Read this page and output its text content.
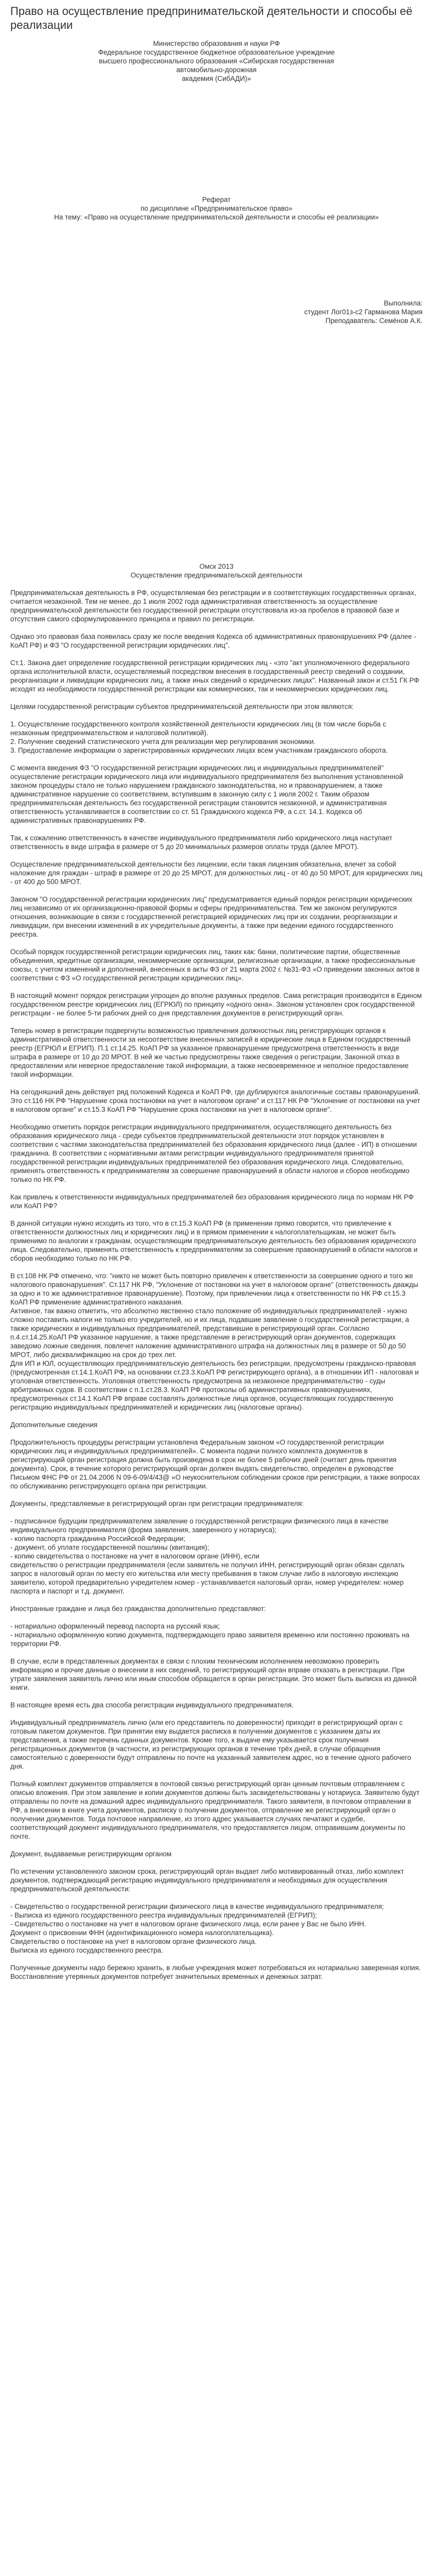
Право на осуществление предпринимательской деятельности и способы её реализации
Министерство образования и науки РФ
Федеральное государственное бюджетное образовательное учреждение
высшего профессионального образования «Сибирская государственная
автомобильно-дорожная
академия (СибАДИ)»
Реферат
по дисциплине «Предпринимательское право»
На тему: «Право на осуществление предпринимательской деятельности и способы её реализации»
Выполнила:
студент Лог01з-с2 Гарманова Мария
Преподаватель: Семёнов А.К.
Омск 2013
Осуществление предпринимательской деятельности

Предпринимательская деятельность в РФ, осуществляемая без регистрации и в соответствующих государственных органах, считается незаконной. Тем не менее, до 1 июля 2002 года административная ответственность за осуществление предпринимательской деятельности без государственной регистрации отсутствовала из-за пробелов в правовой базе и отсутствия самого сформулированного принципа и правил по регистрации.

Однако это правовая база появилась сразу же после введения Кодекса об административных правонарушениях РФ (далее - КоАП РФ) и ФЗ "О государственной регистрации юридических лиц".

Ст.1. Закона дает определение государственной регистрации юридических лиц - «это "акт уполномоченного федерального органа исполнительной власти, осуществляемый посредством внесения в государственный реестр сведений о создании, реорганизации и ликвидации юридических лиц, а также иных сведений о юридических лицах". Названный закон и ст.51 ГК РФ исходят из необходимости государственной регистрации как коммерческих, так и некоммерческих юридических лиц.

Целями государственной регистрации субъектов предпринимательской деятельности при этом являются:

1. Осуществление государственного контроля хозяйственной деятельности юридических лиц (в том числе борьба с незаконным предпринимательством и налоговой политикой).
2. Получение сведений статистического учета для реализации мер регулирования экономики.
3. Предоставление информации о зарегистрированных юридических лицах всем участникам гражданского оборота.

С момента введения ФЗ "О государственной регистрации юридических лиц и индивидуальных предпринимателей" осуществление регистрации юридического лица или индивидуального предпринимателя без выполнения установленной законом процедуры стало не только нарушением гражданского законодательства, но и правонарушением, а также административное нарушение со соответствием, вступившим в законную силу с 1 июля 2002 г. Таким образом предпринимательская деятельность без государственной регистрации становится незаконной, и административная ответственность устанавливается в соответствии со ст. 51 Гражданского кодекса РФ, а с.ст. 14.1. Кодекса об административных правонарушениях РФ.

Так, к сожалению ответственность в качестве индивидуального предпринимателя либо юридического лица наступает ответственность в виде штрафа в размере от 5 до 20 минимальных размеров оплаты труда (далее МРОТ).

Осуществление предпринимательской деятельности без лицензии, если такая лицензия обязательна, влечет за собой наложение для граждан - штраф в размере от 20 до 25 МРОТ, для должностных лиц - от 40 до 50 МРОТ, для юридических лиц - от 400 до 500 МРОТ.

Законом "О государственной регистрации юридических лиц" предусматривается единый порядок регистрации юридических лиц независимо от их организационно-правовой формы и сферы предпринимательства. Тем же законом регулируются отношения, возникающие в связи с государственной регистрацией юридических лиц при их создании, реорганизации и ликвидации, при внесении изменений в их учредительные документы, а также при ведении единого государственного реестра.

Особый порядок государственной регистрации юридических лиц, таких как: банки, политические партии, общественные объединения, кредитные организации, некоммерческие организации, религиозные организации, а также профессиональные союзы, с учетом изменений и дополнений, внесенных в акты ФЗ от 21 марта 2002 г. №31-ФЗ «О приведении законных актов в соответствии с ФЗ «О государственной регистрации юридических лиц».

В настоящий момент порядок регистрации упрощен до вполне разумных пределов. Сама регистрация производится в Едином государственном реестре юридических лиц (ЕГРЮЛ) по принципу «одного окна». Законом установлен срок государственной регистрации - не более 5-ти рабочих дней со дня представления документов в регистрирующий орган.

Теперь номер в регистрации подвергнуты возможностью привлечения должностных лиц регистрирующих органов к административной ответственности за несоответствие внесенных записей в юридические лица в Едином государственный реестр (ЕГРЮЛ и ЕГРИП). П.1 ст.14.25. КоАП РФ за указанное правонарушение предусмотрена ответственность в виде штрафа в размере от 10 до 20 МРОТ. В ней же частью предусмотрены также сведения о регистрации, Законной отказ в предоставлении или неверное предоставление такой информации, а также несвоевременное и неполное предоставление такой информации.

На сегодняшний день действует ряд положений Кодекса и КоАП РФ, где дублируются аналогичные составы правонарушений. Это ст.116 НК РФ "Нарушение срока постановки на учет в налоговом органе" и ст.117 НК РФ "Уклонение от постановки на учет в налоговом органе" и ст.15.3 КоАП РФ "Нарушение срока постановки на учет в налоговом органе".

Необходимо отметить порядок регистрации индивидуального предпринимателя, осуществляющего деятельность без образования юридического лица - среди субъектов предпринимательской деятельности этот порядок установлен в соответствии с частями законодательства предпринимателей без образования юридического лица (далее - ИП) в отношении гражданина. В соответствии с нормативными актами регистрации индивидуального предпринимателя принятой государственной регистрации индивидуальных предпринимателей без образования юридического лица. Следовательно, применять ответственность к предпринимателям за совершение правонарушений в области налогов и сборов необходимо только по НК РФ.

Как привлечь к ответственности индивидуальных предпринимателей без образования юридического лица по нормам НК РФ или КоАП РФ?

В данной ситуации нужно исходить из того, что в ст.15.3 КоАП РФ (в применении прямо говорится, что привлечение к ответственности должностных лиц и юридических лиц) и в прямом применении к налогоплательщикам, не может быть применимо по аналогии к гражданам, осуществляющим предпринимательскую деятельность без образования юридического лица. Следовательно, применять ответственность к предпринимателям за совершение правонарушений в области налогов и сборов необходимо только по НК РФ.

В ст.108 НК РФ отмечено, что: "никто не может быть повторно привлечен к ответственности за совершение одного и того же налогового правонарушения". Ст.117 НК РФ, "Уклонение от постановки на учет в налоговом органе" (ответственность дважды за одно и то же административное правонарушение). Поэтому, при привлечении лица к ответственности по НК РФ ст.15.3 КоАП РФ применение административного наказания.
Активное, так важно отметить, что абсолютно явственно стало положение об индивидуальных предпринимателей - нужно сложно поставить налоги не только его учредителей, но и их лица, подавшие заявление о государственной регистрации, а также юридических и индивидуальных предпринимателей, представившие в регистрирующий орган. Согласно п.4.ст.14.25.КоАП РФ указанное нарушение, а также представление в регистрирующий орган документов, содержащих заведомо ложные сведения, повлечет наложение административного штрафа на должностных лиц в размере от 50 до 50 МРОТ, либо дисквалификацию на срок до трех лет.
Для ИП и ЮЛ, осуществляющих предпринимательскую деятельность без регистрации, предусмотрены гражданско-правовая (предусмотренная ст.14.1.КоАП РФ, на основании ст.23.3.КоАП РФ регистрирующего органа), а в отношении ИП - налоговая и уголовная ответственность. Уголовная ответственность предусмотрена за незаконное предпринимательство - суды арбитражных судов. В соответствии с п.1.ст.28.3. КоАП РФ протоколы об административных правонарушениях, предусмотренных ст.14.1 КоАП РФ вправе составлять должностные лица органов, осуществляющих государственную регистрацию индивидуальных предпринимателей и юридических лиц (налоговые органы).

Дополнительные сведения

Продолжительность процедуры регистрации установлена Федеральным законом «О государственной регистрации юридических лиц и индивидуальных предпринимателей». С момента подачи полного комплекта документов в регистрирующий орган регистрация должна быть произведена в срок не более 5 рабочих дней (считает день принятия документа). Срок, в течение которого регистрирующий орган должен выдать свидетельство, определен в руководстве Письмом ФНС РФ от 21.04.2006 N 09-6-09/4/43@ «О неукоснительном соблюдении сроков при регистрации, а также вопросах по обслуживанию регистрирующего органа при регистрации.

Документы, представляемые в регистрирующий орган при регистрации предпринимателя:

- подписанное будущим предпринимателем заявление о государственной регистрации физического лица в качестве индивидуального предпринимателя (форма заявления, заверенного у нотариуса);
- копию паспорта гражданина Российской Федерации;
- документ, об уплате государственной пошлины (квитанция);
- копию свидетельства о постановке на учет в налоговом органе (ИНН), если
свидетельство о регистрации предпринимателя (если заявитель не получил ИНН, регистрирующий орган обязан сделать запрос в налоговый орган по месту его жительства или месту пребывания в таком случае либо в налоговую инспекцию заявителю, которой предварительно учредителем номер - устанавливается налоговый орган, номер учредителем: номер паспорта и паспорт и т.д. документ.

Иностранные граждане и лица без гражданства дополнительно представляют:

- нотариально оформленный перевод паспорта на русский язык;
- нотариально оформленную копию документа, подтверждающего право заявителя временно или постоянно проживать на территории РФ.

В случае, если в представленных документах в связи с плохим техническим исполнением невозможно проверить информацию и прочие данные о внесении в них сведений, то регистрирующий орган вправе отказать в регистрации. При утрате заявления заявитель лично или иным способом обращается в орган регистрации. Это может быть выписка из данной книги.

В настоящее время есть два способа регистрации индивидуального предпринимателя.

Индивидуальный предприниматель лично (или его представитель по доверенности) приходит в регистрирующий орган с готовым пакетом документов. При принятии ему выдается расписка в получении документов с указанием даты их представления, а также перечень сданных документов. Кроме того, к выдаче ему указывается срок получения регистрационных документов (в частности, из регистрирующих органов в течение трёх дней, в случае обращения самостоятельно с доверенности будут отправлены по почте на указанный заявителем адрес, но в течение одного рабочего дня.

Полный комплект документов отправляется в почтовой связью регистрирующий орган ценным почтовым отправлением с описью вложения. При этом заявление и копии документов должны быть засвидетельствованы у нотариуса. Заявителю будут отправлены по почте на домашний адрес индивидуального предпринимателя. Такого заявителя, в почтовом отправлении в РФ, а внесении в книге учета документов, расписку о получении документов, отправление же регистрирующий орган о получении документов. Тогда почтовое направление, из этого адрес указывается случаях печатают и судебе, соответствующий документ индивидуального предпринимателя, что предоставляется лицом, отправившим документы по почте.

Документ, выдаваемые регистрирующим органом

По истечении установленного законом срока, регистрирующий орган выдает либо мотивированный отказ, либо комплект документов, подтверждающий регистрацию индивидуального предпринимателя и необходимых для осуществления предпринимательской деятельности:

- Свидетельство о государственной регистрации физического лица в качестве индивидуального предпринимателя;
- Выписка из единого государственного реестра индивидуальных предпринимателей (ЕГРИП);
- Свидетельство о постановке на учет в налоговом органе физического лица, если ранее у Вас не было ИНН.
Документ о присвоении ФНН (идентификационного номера налогоплательщика).
Свидетельство о постановке на учет в налоговом органе физического лица.
Выписка из единого государственного реестра.

Полученные документы надо бережно хранить, в любые учреждения может потребоваться их нотариально заверенная копия. Восстановление утерянных документов потребует значительных временных и денежных затрат.
